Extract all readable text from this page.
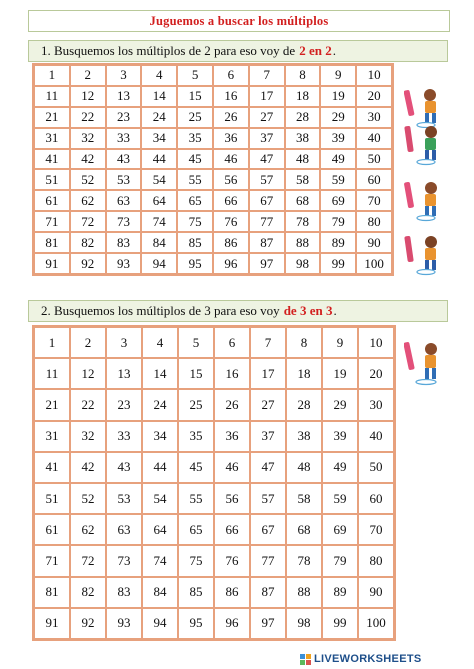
Juguemos a buscar los múltiplos
1. Busquemos los múltiplos de 2 para eso voy de 2 en 2 .
1	2	3	4	5	6	7	8	9	10
11	12	13	14	15	16	17	18	19	20
21	22	23	24	25	26	27	28	29	30
31	32	33	34	35	36	37	38	39	40
41	42	43	44	45	46	47	48	49	50
51	52	53	54	55	56	57	58	59	60
61	62	63	64	65	66	67	68	69	70
71	72	73	74	75	76	77	78	79	80
81	82	83	84	85	86	87	88	89	90
91	92	93	94	95	96	97	98	99	100
2. Busquemos los múltiplos de 3 para eso voy de 3 en 3 .
1	2	3	4	5	6	7	8	9	10
11	12	13	14	15	16	17	18	19	20
21	22	23	24	25	26	27	28	29	30
31	32	33	34	35	36	37	38	39	40
41	42	43	44	45	46	47	48	49	50
51	52	53	54	55	56	57	58	59	60
61	62	63	64	65	66	67	68	69	70
71	72	73	74	75	76	77	78	79	80
81	82	83	84	85	86	87	88	89	90
91	92	93	94	95	96	97	98	99	100
LIVEWORKSHEETS
